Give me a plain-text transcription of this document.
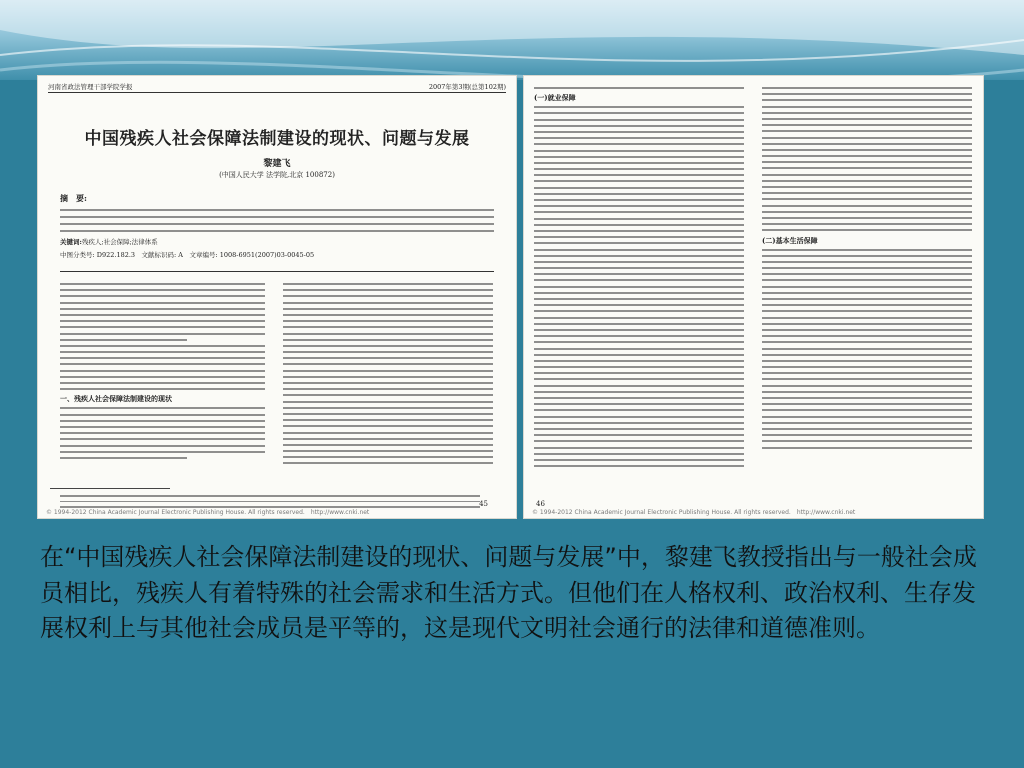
河南省政法管理干部学院学报	2007年第3期(总第102期)
中国残疾人社会保障法制建设的现状、问题与发展
黎建飞
(中国人民大学 法学院,北京 100872)
摘　要:
关键词:残疾人;社会保障;法律体系
中图分类号: D922.182.3　文献标识码: A　文章编号: 1008-6951(2007)03-0045-05
一、残疾人社会保障法制建设的现状
45
© 1994-2012 China Academic Journal Electronic Publishing House. All rights reserved.　http://www.cnki.net
(一)就业保障
(二)基本生活保障
46
© 1994-2012 China Academic Journal Electronic Publishing House. All rights reserved.　http://www.cnki.net
在“中国残疾人社会保障法制建设的现状、问题与发展”中，黎建飞教授指出与一般社会成员相比，残疾人有着特殊的社会需求和生活方式。但他们在人格权利、政治权利、生存发展权利上与其他社会成员是平等的，这是现代文明社会通行的法律和道德准则。
